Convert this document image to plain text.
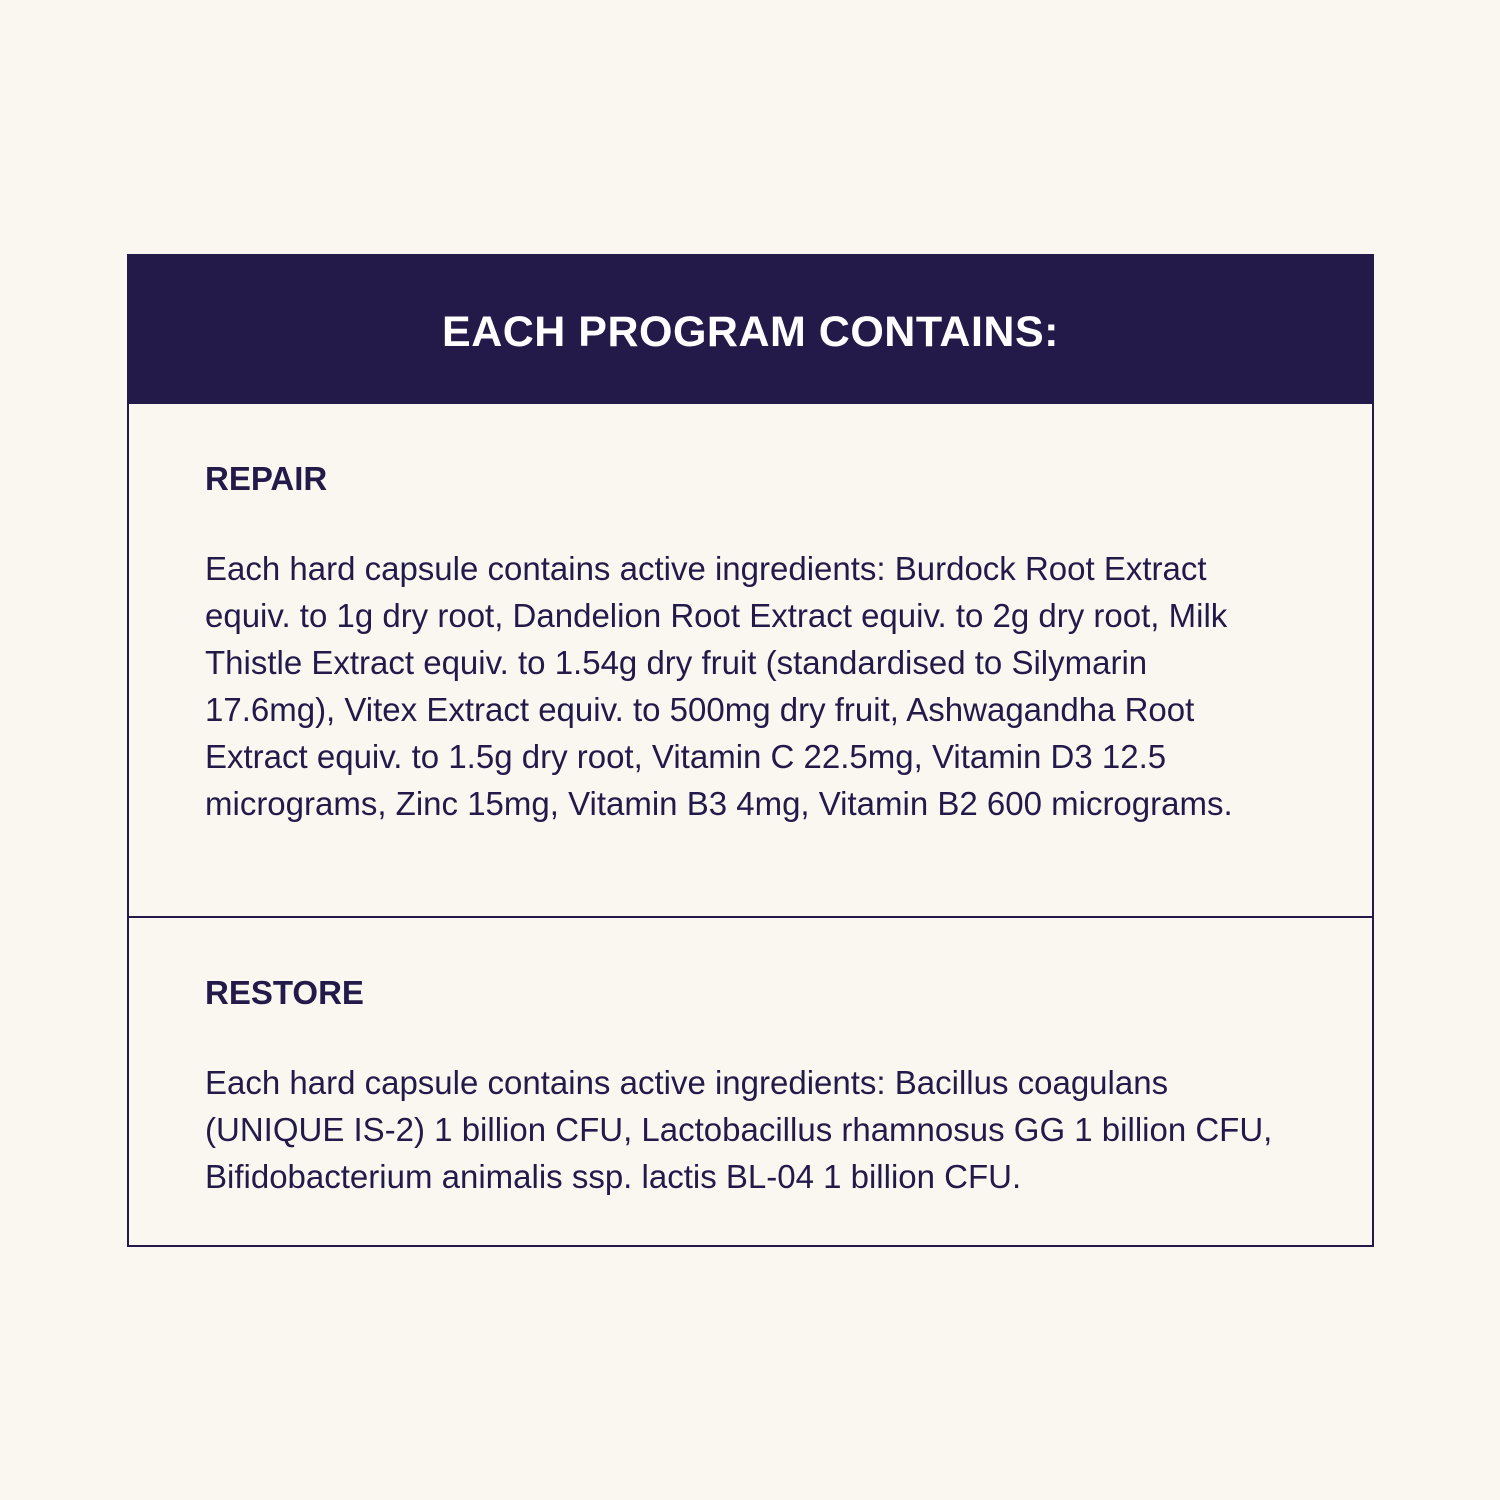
EACH PROGRAM CONTAINS:
REPAIR

Each hard capsule contains active ingredients: Burdock Root Extract equiv. to 1g dry root, Dandelion Root Extract equiv. to 2g dry root, Milk Thistle Extract equiv. to 1.54g dry fruit (standardised to Silymarin 17.6mg), Vitex Extract equiv. to 500mg dry fruit, Ashwagandha Root Extract equiv. to 1.5g dry root, Vitamin C 22.5mg, Vitamin D3 12.5 micrograms, Zinc 15mg, Vitamin B3 4mg, Vitamin B2 600 micrograms.

RESTORE

Each hard capsule contains active ingredients: Bacillus coagulans (UNIQUE IS-2) 1 billion CFU, Lactobacillus rhamnosus GG 1 billion CFU, Bifidobacterium animalis ssp. lactis BL-04 1 billion CFU.
